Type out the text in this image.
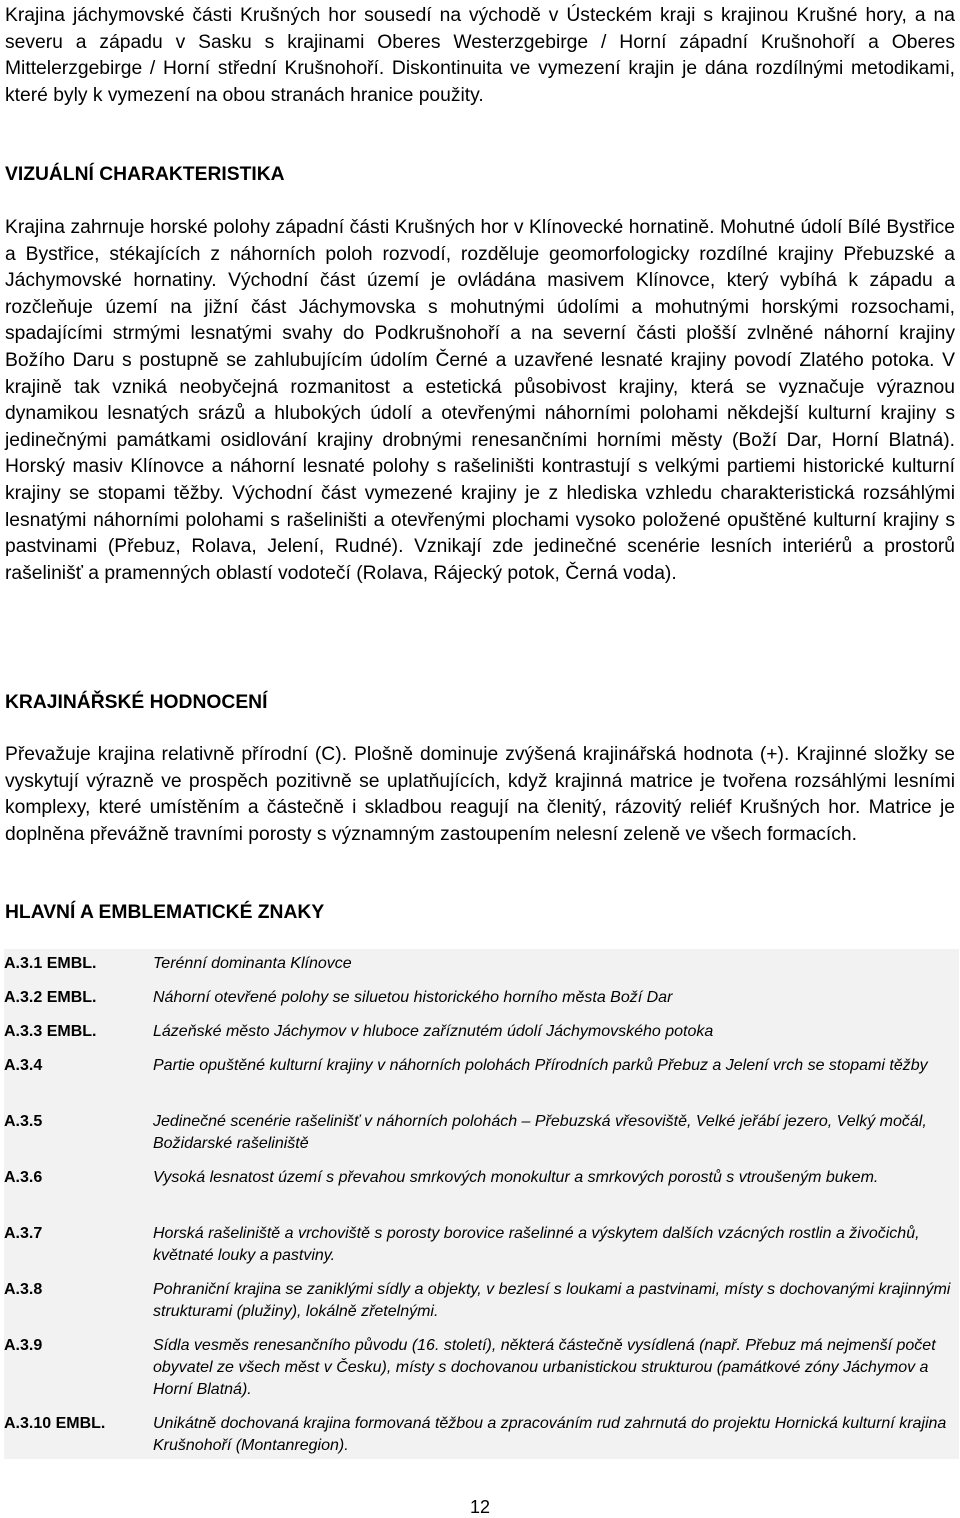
Krajina jáchymovské části Krušných hor sousedí na východě v Ústeckém kraji s krajinou Krušné hory, a na severu a západu v Sasku s krajinami Oberes Westerzgebirge / Horní západní Krušnohoří a Oberes Mittelerzgebirge / Horní střední Krušnohoří. Diskontinuita ve vymezení krajin je dána rozdílnými metodikami, které byly k vymezení na obou stranách hranice použity.

VIZUÁLNÍ CHARAKTERISTIKA

Krajina zahrnuje horské polohy západní části Krušných hor v Klínovecké hornatině. Mohutné údolí Bílé Bystřice a Bystřice, stékajících z náhorních poloh rozvodí, rozděluje geomorfologicky rozdílné krajiny Přebuzské a Jáchymovské hornatiny. Východní část území je ovládána masivem Klínovce, který vybíhá k západu a rozčleňuje území na jižní část Jáchymovska s mohutnými údolími a mohutnými horskými rozsochami, spadajícími strmými lesnatými svahy do Podkrušnohoří a na severní části plošší zvlněné náhorní krajiny Božího Daru s postupně se zahlubujícím údolím Černé a uzavřené lesnaté krajiny povodí Zlatého potoka. V krajině tak vzniká neobyčejná rozmanitost a estetická působivost krajiny, která se vyznačuje výraznou dynamikou lesnatých srázů a hlubokých údolí a otevřenými náhorními polohami někdejší kulturní krajiny s jedinečnými památkami osidlování krajiny drobnými renesančními horními městy (Boží Dar, Horní Blatná). Horský masiv Klínovce a náhorní lesnaté polohy s rašeliništi kontrastují s velkými partiemi historické kulturní krajiny se stopami těžby. Východní část vymezené krajiny je z hlediska vzhledu charakteristická rozsáhlými lesnatými náhorními polohami s rašeliništi a otevřenými plochami vysoko položené opuštěné kulturní krajiny s pastvinami (Přebuz, Rolava, Jelení, Rudné). Vznikají zde jedinečné scenérie lesních interiérů a prostorů rašelinišť a pramenných oblastí vodotečí (Rolava, Rájecký potok, Černá voda).

KRAJINÁŘSKÉ HODNOCENÍ

Převažuje krajina relativně přírodní (C). Plošně dominuje zvýšená krajinářská hodnota (+). Krajinné složky se vyskytují výrazně ve prospěch pozitivně se uplatňujících, když krajinná matrice je tvořena rozsáhlými lesními komplexy, které umístěním a částečně i skladbou reagují na členitý, rázovitý reliéf Krušných hor. Matrice je doplněna převážně travními porosty s významným zastoupením nelesní zeleně ve všech formacích.

HLAVNÍ A EMBLEMATICKÉ ZNAKY
A.3.1 EMBL.	Terénní dominanta Klínovce
A.3.2 EMBL.	Náhorní otevřené polohy se siluetou historického horního města Boží Dar
A.3.3 EMBL.	Lázeňské město Jáchymov v hlubоce zaříznutém údolí Jáchymovského potoka
A.3.4	Partie opuštěné kulturní krajiny v náhorních polohách Přírodních parků Přebuz a Jelení vrch se stopami těžby
A.3.5	Jedinečné scenérie rašelinišť v náhorních polohách – Přebuzská vřesoviště, Velké jeřábí jezero, Velký močál, Božidarské rašeliniště
A.3.6	Vysoká lesnatost území s převahou smrkových monokultur a smrkových porostů s vtroušeným bukem.
A.3.7	Horská rašeliniště a vrchoviště s porosty borovice rašelinné a výskytem dalších vzácných rostlin a živočichů, květnaté louky a pastviny.
A.3.8	Pohraniční krajina se zaniklými sídly a objekty, v bezlesí s loukami a pastvinami, místy s dochovanými krajinnými strukturami (plužiny), lokálně zřetelnými.
A.3.9	Sídla vesměs renesančního původu (16. století), některá částečně vysídlená (např. Přebuz má nejmenší počet obyvatel ze všech měst v Česku), místy s dochovanou urbanistickou strukturou (památkové zóny Jáchymov a Horní Blatná).
A.3.10 EMBL.	Unikátně dochovaná krajina formovaná těžbou a zpracováním rud zahrnutá do projektu Hornická kulturní krajina Krušnohoří (Montanregion).
12
